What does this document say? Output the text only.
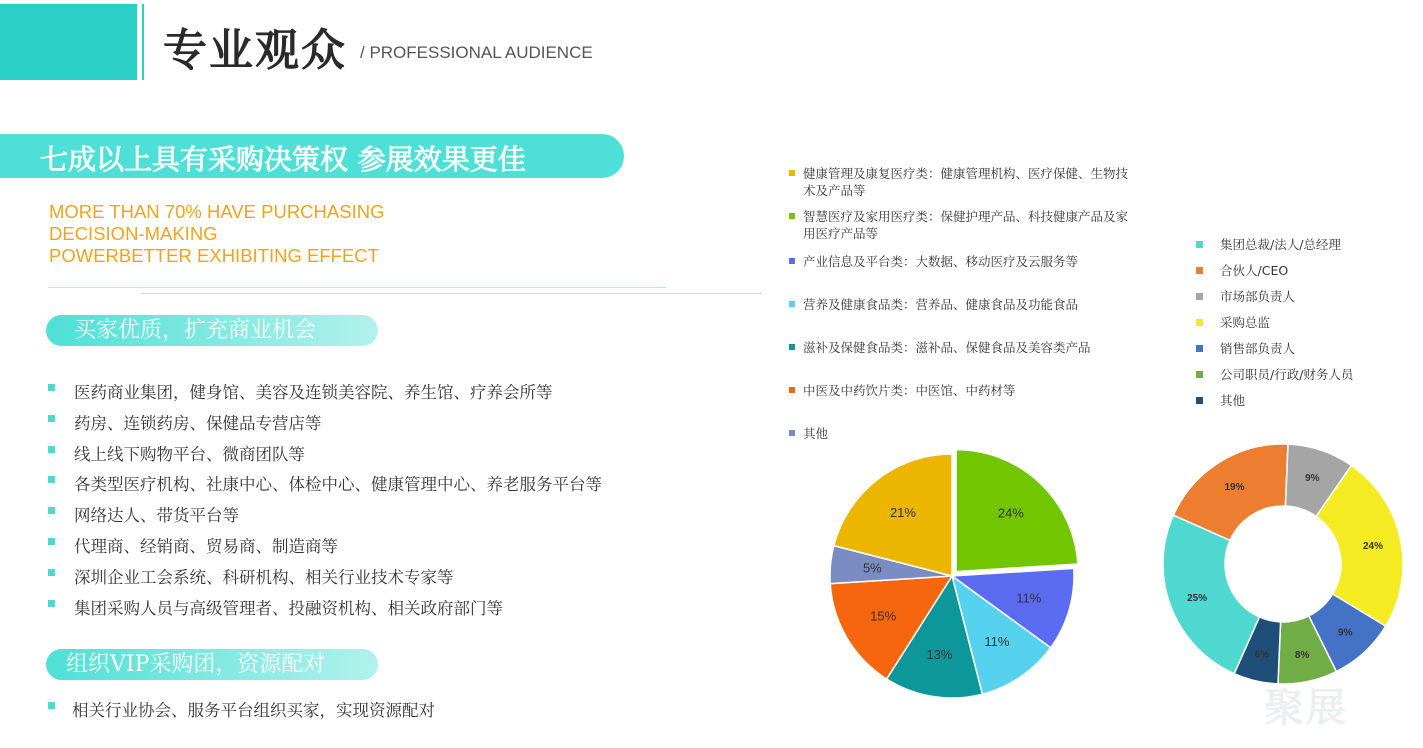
专业观众 / PROFESSIONAL AUDIENCE
七成以上具有采购决策权 参展效果更佳
MORE THAN 70% HAVE PURCHASING
DECISION-MAKING
POWERBETTER EXHIBITING EFFECT
买家优质，扩充商业机会
医药商业集团，健身馆、美容及连锁美容院、养生馆、疗养会所等
药房、连锁药房、保健品专营店等
线上线下购物平台、微商团队等
各类型医疗机构、社康中心、体检中心、健康管理中心、养老服务平台等
网络达人、带货平台等
代理商、经销商、贸易商、制造商等
深圳企业工会系统、科研机构、相关行业技术专家等
集团采购人员与高级管理者、投融资机构、相关政府部门等
组织VIP采购团，资源配对
相关行业协会、服务平台组织买家，实现资源配对
健康管理及康复医疗类：健康管理机构、医疗保健、生物技术及产品等
智慧医疗及家用医疗类：保健护理产品、科技健康产品及家用医疗产品等
产业信息及平台类：大数据、移动医疗及云服务等
营养及健康食品类：营养品、健康食品及功能食品
滋补及保健食品类：滋补品、保健食品及美容类产品
中医及中药饮片类：中医馆、中药材等
其他
集团总裁/法人/总经理
合伙人/CEO
市场部负责人
采购总监
销售部负责人
公司职员/行政/财务人员
其他
24%
11%
11%
13%
15%
5%
21%
19%
9%
24%
9%
8%
6%
25%
聚展
